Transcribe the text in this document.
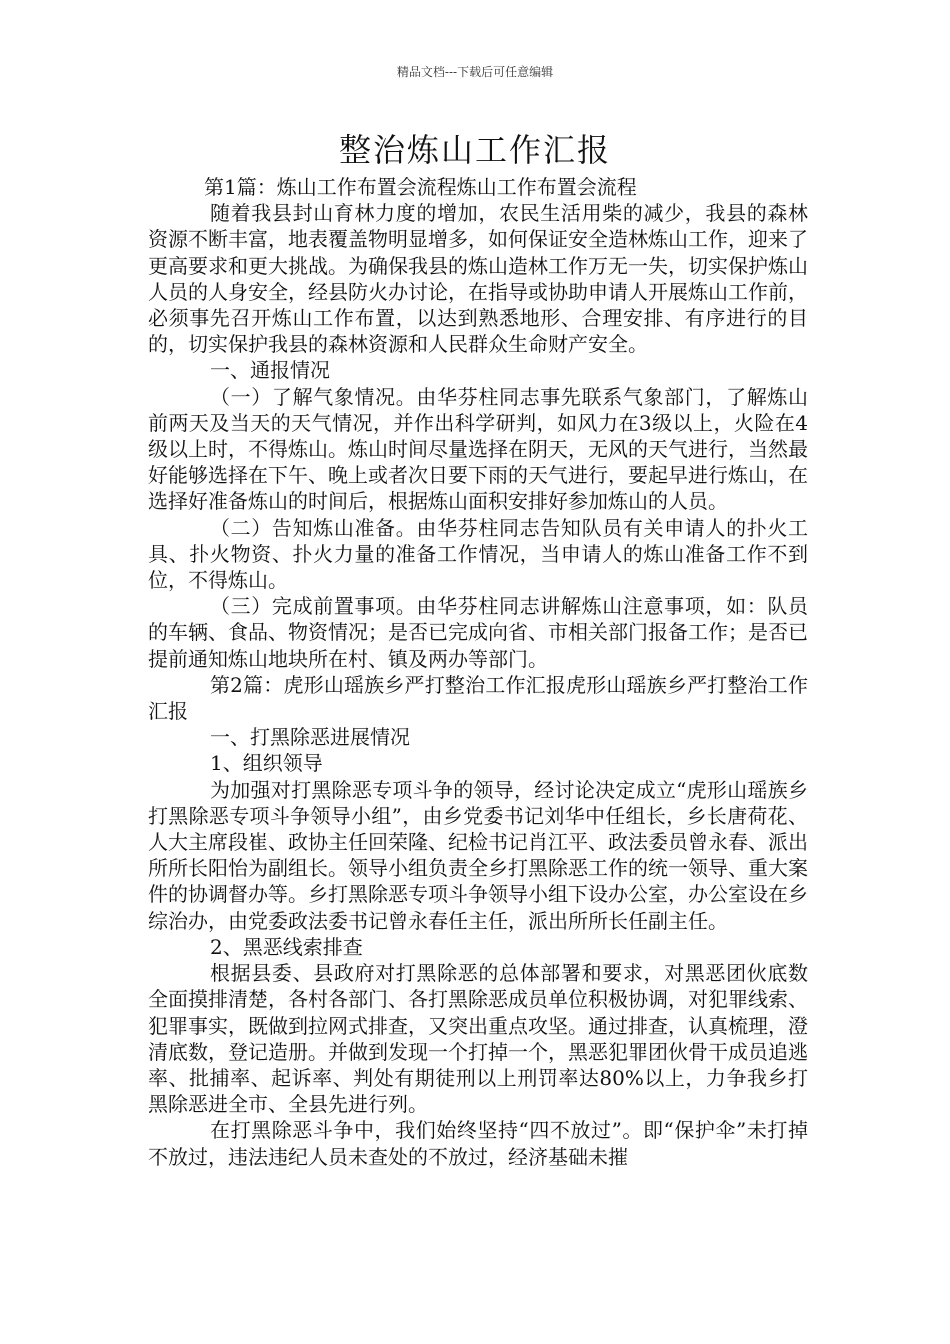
精品文档---下载后可任意编辑
整治炼山工作汇报

第1篇：炼山工作布置会流程炼山工作布置会流程

随着我县封山育林力度的增加，农民生活用柴的减少，我县的森林资源不断丰富，地表覆盖物明显增多，如何保证安全造林炼山工作，迎来了更高要求和更大挑战。为确保我县的炼山造林工作万无一失，切实保护炼山人员的人身安全，经县防火办讨论，在指导或协助申请人开展炼山工作前，必须事先召开炼山工作布置，以达到熟悉地形、合理安排、有序进行的目的，切实保护我县的森林资源和人民群众生命财产安全。

一、通报情况

（一）了解气象情况。由华芬柱同志事先联系气象部门，了解炼山前两天及当天的天气情况，并作出科学研判，如风力在3级以上，火险在4级以上时，不得炼山。炼山时间尽量选择在阴天，无风的天气进行，当然最好能够选择在下午、晚上或者次日要下雨的天气进行，要起早进行炼山，在选择好准备炼山的时间后，根据炼山面积安排好参加炼山的人员。

（二）告知炼山准备。由华芬柱同志告知队员有关申请人的扑火工具、扑火物资、扑火力量的准备工作情况，当申请人的炼山准备工作不到位，不得炼山。

（三）完成前置事项。由华芬柱同志讲解炼山注意事项，如：队员的车辆、食品、物资情况；是否已完成向省、市相关部门报备工作；是否已提前通知炼山地块所在村、镇及两办等部门。

第2篇：虎形山瑶族乡严打整治工作汇报虎形山瑶族乡严打整治工作汇报

一、打黑除恶进展情况

1、组织领导

为加强对打黑除恶专项斗争的领导，经讨论决定成立“虎形山瑶族乡打黑除恶专项斗争领导小组”，由乡党委书记刘华中任组长，乡长唐荷花、人大主席段崔、政协主任回荣隆、纪检书记肖江平、政法委员曾永春、派出所所长阳怡为副组长。领导小组负责全乡打黑除恶工作的统一领导、重大案件的协调督办等。乡打黑除恶专项斗争领导小组下设办公室，办公室设在乡综治办，由党委政法委书记曾永春任主任，派出所所长任副主任。

2、黑恶线索排查

根据县委、县政府对打黑除恶的总体部署和要求，对黑恶团伙底数全面摸排清楚，各村各部门、各打黑除恶成员单位积极协调，对犯罪线索、犯罪事实，既做到拉网式排查，又突出重点攻坚。通过排查，认真梳理，澄清底数，登记造册。并做到发现一个打掉一个，黑恶犯罪团伙骨干成员追逃率、批捕率、起诉率、判处有期徒刑以上刑罚率达80%以上，力争我乡打黑除恶进全市、全县先进行列。

在打黑除恶斗争中，我们始终坚持“四不放过”。即“保护伞”未打掉不放过，违法违纪人员未查处的不放过，经济基础未摧
